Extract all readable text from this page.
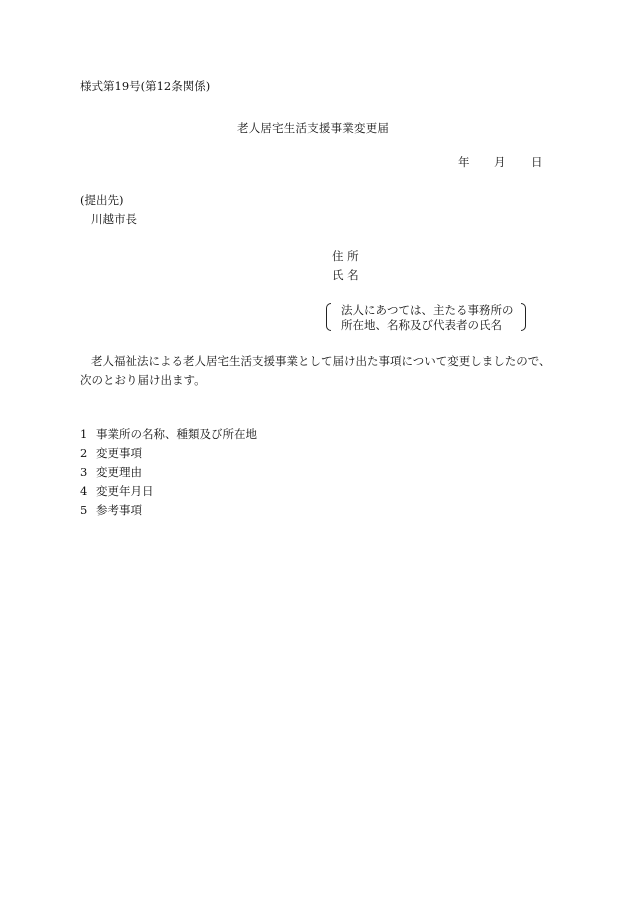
様式第19号(第12条関係)
老人居宅生活支援事業変更届
年 月 日
(提出先)
川越市長
住 所
氏 名
法人にあつては、主たる事務所の
所在地、名称及び代表者の氏名
老人福祉法による老人居宅生活支援事業として届け出た事項について変更しましたので、次のとおり届け出ます。
1 事業所の名称、種類及び所在地
2 変更事項
3 変更理由
4 変更年月日
5 参考事項
